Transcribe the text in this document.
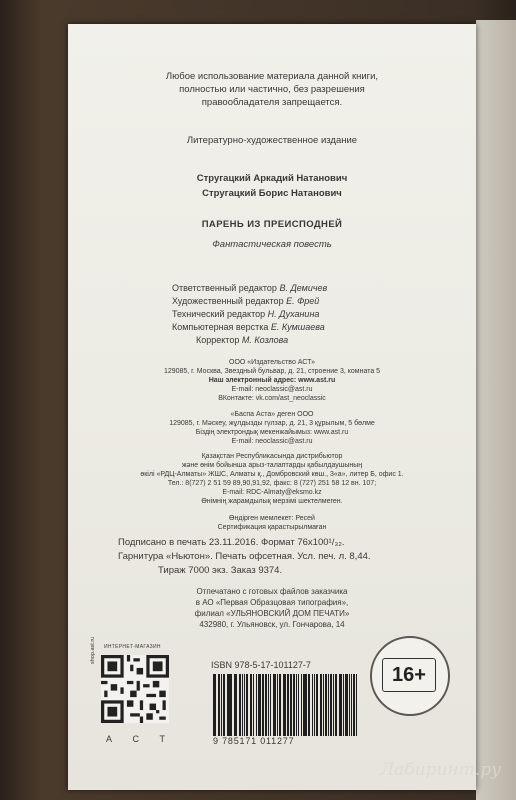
Любое использование материала данной книги,
полностью или частично, без разрешения
правообладателя запрещается.
Литературно-художественное издание
Стругацкий Аркадий Натанович
Стругацкий Борис Натанович
ПАРЕНЬ ИЗ ПРЕИСПОДНЕЙ
Фантастическая повесть
Ответственный редактор В. Демичев
Художественный редактор Е. Фрей
Технический редактор Н. Духанина
Компьютерная верстка Е. Кумшаева
Корректор М. Козлова
ООО «Издательство АСТ»
129085, г. Москва, Звездный бульвар, д. 21, строение 3, комната 5
Наш электронный адрес: www.ast.ru
E-mail: neoclassic@ast.ru
ВКонтакте: vk.com/ast_neoclassic
«Баспа Аста» деген ООО
129085, г. Мәскеу, жұлдызды гүлзар, д. 21, 3 құрылым, 5 бөлме
Біздің электрондық мекенжайымыз: www.ast.ru
E-mail: neoclassic@ast.ru
Қазақстан Республикасында дистрибьютор
және өнім бойынша арыз-талаптарды қабылдаушының
өкілі «РДЦ-Алматы» ЖШС, Алматы қ., Домбровский көш., 3«а», литер Б, офис 1.
Тел.: 8(727) 2 51 59 89,90,91,92, факс: 8 (727) 251 58 12 вн. 107;
E-mail: RDC-Almaty@eksmo.kz
Өнімнің жарамдылық мерзімі шектелмеген.
Өндірген мемлекет: Ресей
Сертификация қарастырылмаған
Подписано в печать 23.11.2016. Формат 76x100¹/₃₂.
Гарнитура «Ньютон». Печать офсетная. Усл. печ. л. 8,44.
Тираж 7000 экз. Заказ 9374.
Отпечатано с готовых файлов заказчика
в АО «Первая Образцовая типография»,
филиал «УЛЬЯНОВСКИЙ ДОМ ПЕЧАТИ»
432980, г. Ульяновск, ул. Гончарова, 14
ИНТЕРНЕТ-МАГАЗИН
shop.ast.ru
А С Т
ISBN 978-5-17-101127-7
9 785171 011277
16+
Лабиринт.ру
